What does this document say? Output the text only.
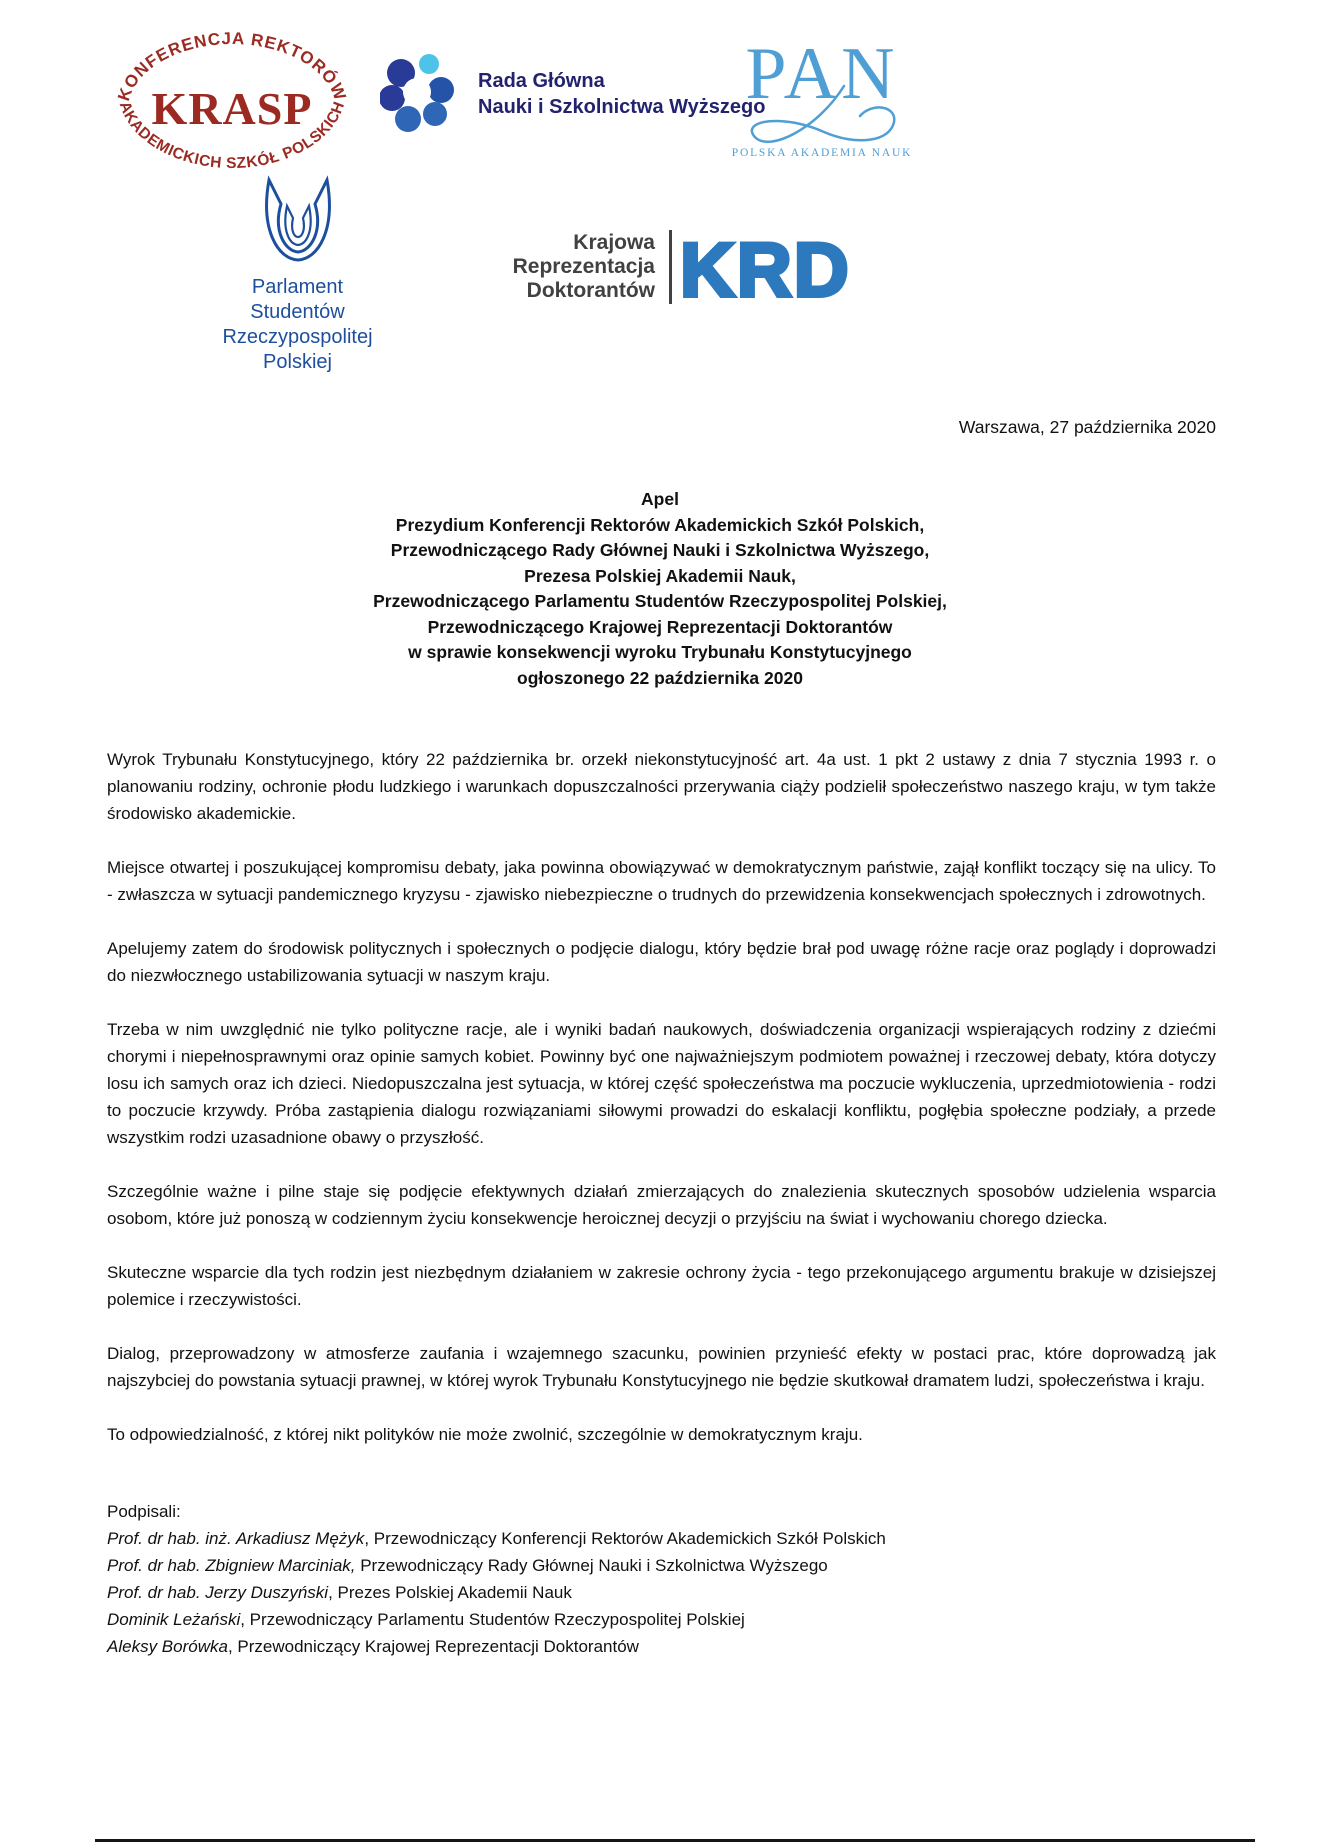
KONFERENCJA REKTORÓW
KRASP
AKADEMICKICH SZKÓŁ POLSKICH
Rada Główna
Nauki i Szkolnictwa Wyższego
PAN
POLSKA AKADEMIA NAUK
Parlament Studentów
Rzeczypospolitej Polskiej
Krajowa
Reprezentacja
Doktorantów KRD
Warszawa, 27 października 2020
Apel
Prezydium Konferencji Rektorów Akademickich Szkół Polskich,
Przewodniczącego Rady Głównej Nauki i Szkolnictwa Wyższego,
Prezesa Polskiej Akademii Nauk,
Przewodniczącego Parlamentu Studentów Rzeczypospolitej Polskiej,
Przewodniczącego Krajowej Reprezentacji Doktorantów
w sprawie konsekwencji wyroku Trybunału Konstytucyjnego
ogłoszonego 22 października 2020

Wyrok Trybunału Konstytucyjnego, który 22 października br. orzekł niekonstytucyjność art. 4a ust. 1 pkt 2 ustawy z dnia 7 stycznia 1993 r. o planowaniu rodziny, ochronie płodu ludzkiego i warunkach dopuszczalności przerywania ciąży podzielił społeczeństwo naszego kraju, w tym także środowisko akademickie.

Miejsce otwartej i poszukującej kompromisu debaty, jaka powinna obowiązywać w demokratycznym państwie, zajął konflikt toczący się na ulicy. To - zwłaszcza w sytuacji pandemicznego kryzysu - zjawisko niebezpieczne o trudnych do przewidzenia konsekwencjach społecznych i zdrowotnych.

Apelujemy zatem do środowisk politycznych i społecznych o podjęcie dialogu, który będzie brał pod uwagę różne racje oraz poglądy i doprowadzi do niezwłocznego ustabilizowania sytuacji w naszym kraju.

Trzeba w nim uwzględnić nie tylko polityczne racje, ale i wyniki badań naukowych, doświadczenia organizacji wspierających rodziny z dziećmi chorymi i niepełnosprawnymi oraz opinie samych kobiet. Powinny być one najważniejszym podmiotem poważnej i rzeczowej debaty, która dotyczy losu ich samych oraz ich dzieci. Niedopuszczalna jest sytuacja, w której część społeczeństwa ma poczucie wykluczenia, uprzedmiotowienia - rodzi to poczucie krzywdy. Próba zastąpienia dialogu rozwiązaniami siłowymi prowadzi do eskalacji konfliktu, pogłębia społeczne podziały, a przede wszystkim rodzi uzasadnione obawy o przyszłość.

Szczególnie ważne i pilne staje się podjęcie efektywnych działań zmierzających do znalezienia skutecznych sposobów udzielenia wsparcia osobom, które już ponoszą w codziennym życiu konsekwencje heroicznej decyzji o przyjściu na świat i wychowaniu chorego dziecka.

Skuteczne wsparcie dla tych rodzin jest niezbędnym działaniem w zakresie ochrony życia - tego przekonującego argumentu brakuje w dzisiejszej polemice i rzeczywistości.

Dialog, przeprowadzony w atmosferze zaufania i wzajemnego szacunku, powinien przynieść efekty w postaci prac, które doprowadzą jak najszybciej do powstania sytuacji prawnej, w której wyrok Trybunału Konstytucyjnego nie będzie skutkował dramatem ludzi, społeczeństwa i kraju.

To odpowiedzialność, z której nikt polityków nie może zwolnić, szczególnie w demokratycznym kraju.

Podpisali:
Prof. dr hab. inż. Arkadiusz Mężyk, Przewodniczący Konferencji Rektorów Akademickich Szkół Polskich
Prof. dr hab. Zbigniew Marciniak, Przewodniczący Rady Głównej Nauki i Szkolnictwa Wyższego
Prof. dr hab. Jerzy Duszyński, Prezes Polskiej Akademii Nauk
Dominik Leżański, Przewodniczący Parlamentu Studentów Rzeczypospolitej Polskiej
Aleksy Borówka, Przewodniczący Krajowej Reprezentacji Doktorantów
